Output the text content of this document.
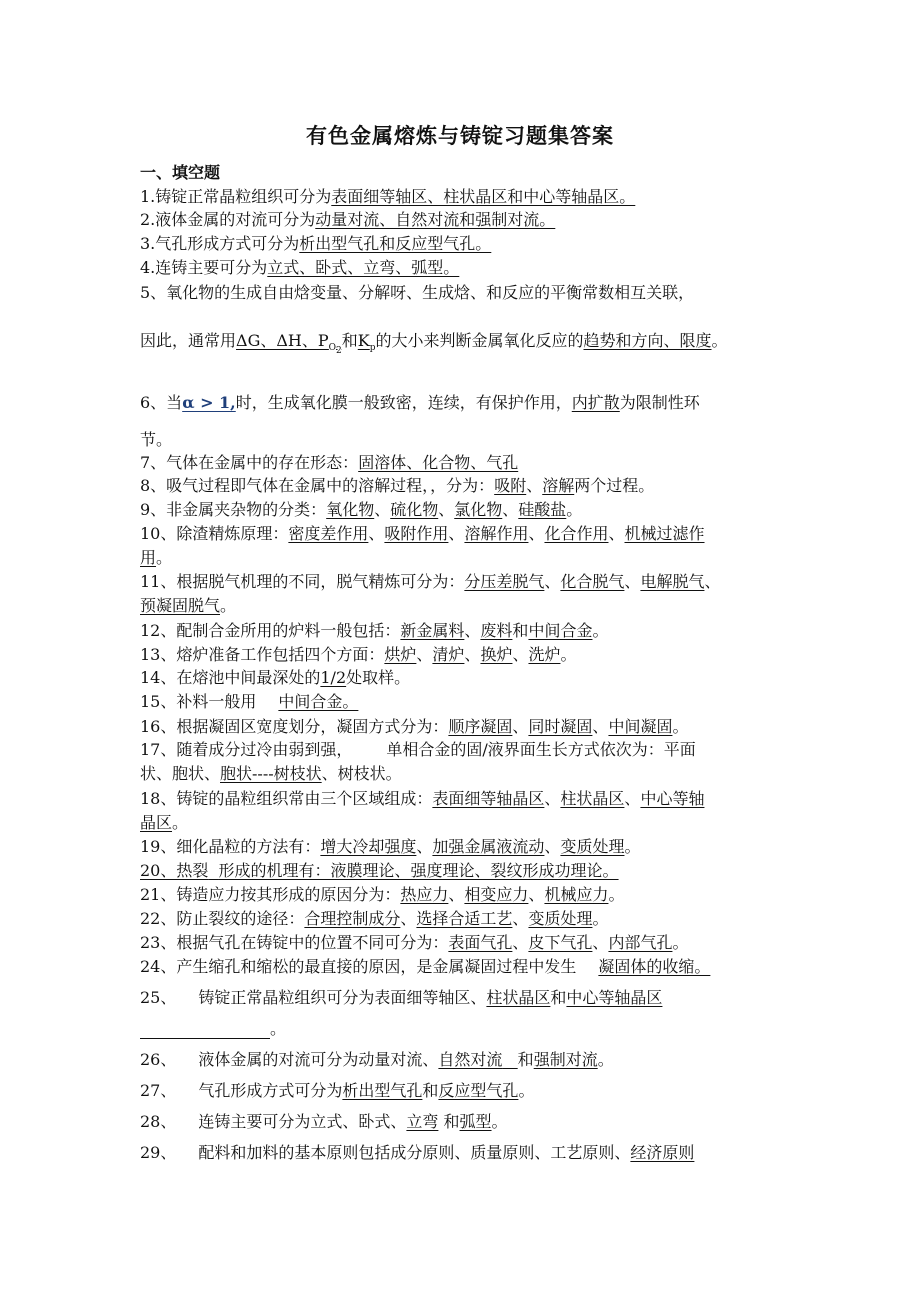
有色金属熔炼与铸锭习题集答案
一、填空题
1.铸锭正常晶粒组织可分为表面细等轴区、柱状晶区和中心等轴晶区。
2.液体金属的对流可分为动量对流、自然对流和强制对流。
3.气孔形成方式可分为析出型气孔和反应型气孔。
4.连铸主要可分为立式、卧式、立弯、弧型。
5、氧化物的生成自由焓变量、分解呀、生成焓、和反应的平衡常数相互关联，
因此，通常用ΔG、ΔH、$P_{O_2}$和$K_p$的大小来判断金属氧化反应的趋势和方向、限度。
6、当α > 1,时，生成氧化膜一般致密，连续，有保护作用，内扩散为限制性环
节。
7、气体在金属中的存在形态：固溶体、化合物、气孔
8、吸气过程即气体在金属中的溶解过程，，分为：吸附、溶解两个过程。
9、非金属夹杂物的分类：氧化物、硫化物、氯化物、硅酸盐。
10、除渣精炼原理：密度差作用、吸附作用、溶解作用、化合作用、机械过滤作
用。
11、根据脱气机理的不同，脱气精炼可分为：分压差脱气、化合脱气、电解脱气、
预凝固脱气。
12、配制合金所用的炉料一般包括：新金属料、废料和中间合金。
13、熔炉准备工作包括四个方面：烘炉、清炉、换炉、洗炉。
14、在熔池中间最深处的1/2处取样。
15、补料一般用 中间合金。
16、根据凝固区宽度划分，凝固方式分为：顺序凝固、同时凝固、中间凝固。
17、随着成分过冷由弱到强， 单相合金的固/液界面生长方式依次为：平面
状、胞状、胞状----树枝状、树枝状。
18、铸锭的晶粒组织常由三个区域组成：表面细等轴晶区、柱状晶区、中心等轴
晶区。
19、细化晶粒的方法有：增大冷却强度、加强金属液流动、变质处理。
20、热裂 形成的机理有：液膜理论、强度理论、裂纹形成功理论。
21、铸造应力按其形成的原因分为：热应力、相变应力、机械应力。
22、防止裂纹的途径：合理控制成分、选择合适工艺、变质处理。
23、根据气孔在铸锭中的位置不同可分为：表面气孔、皮下气孔、内部气孔。
24、产生缩孔和缩松的最直接的原因，是金属凝固过程中发生 凝固体的收缩。
25、 铸锭正常晶粒组织可分为表面细等轴区、柱状晶区和中心等轴晶区
。
26、 液体金属的对流可分为动量对流、自然对流 和强制对流。
27、 气孔形成方式可分为析出型气孔和反应型气孔。
28、 连铸主要可分为立式、卧式、立弯 和弧型。
29、 配料和加料的基本原则包括成分原则、质量原则、工艺原则、经济原则
